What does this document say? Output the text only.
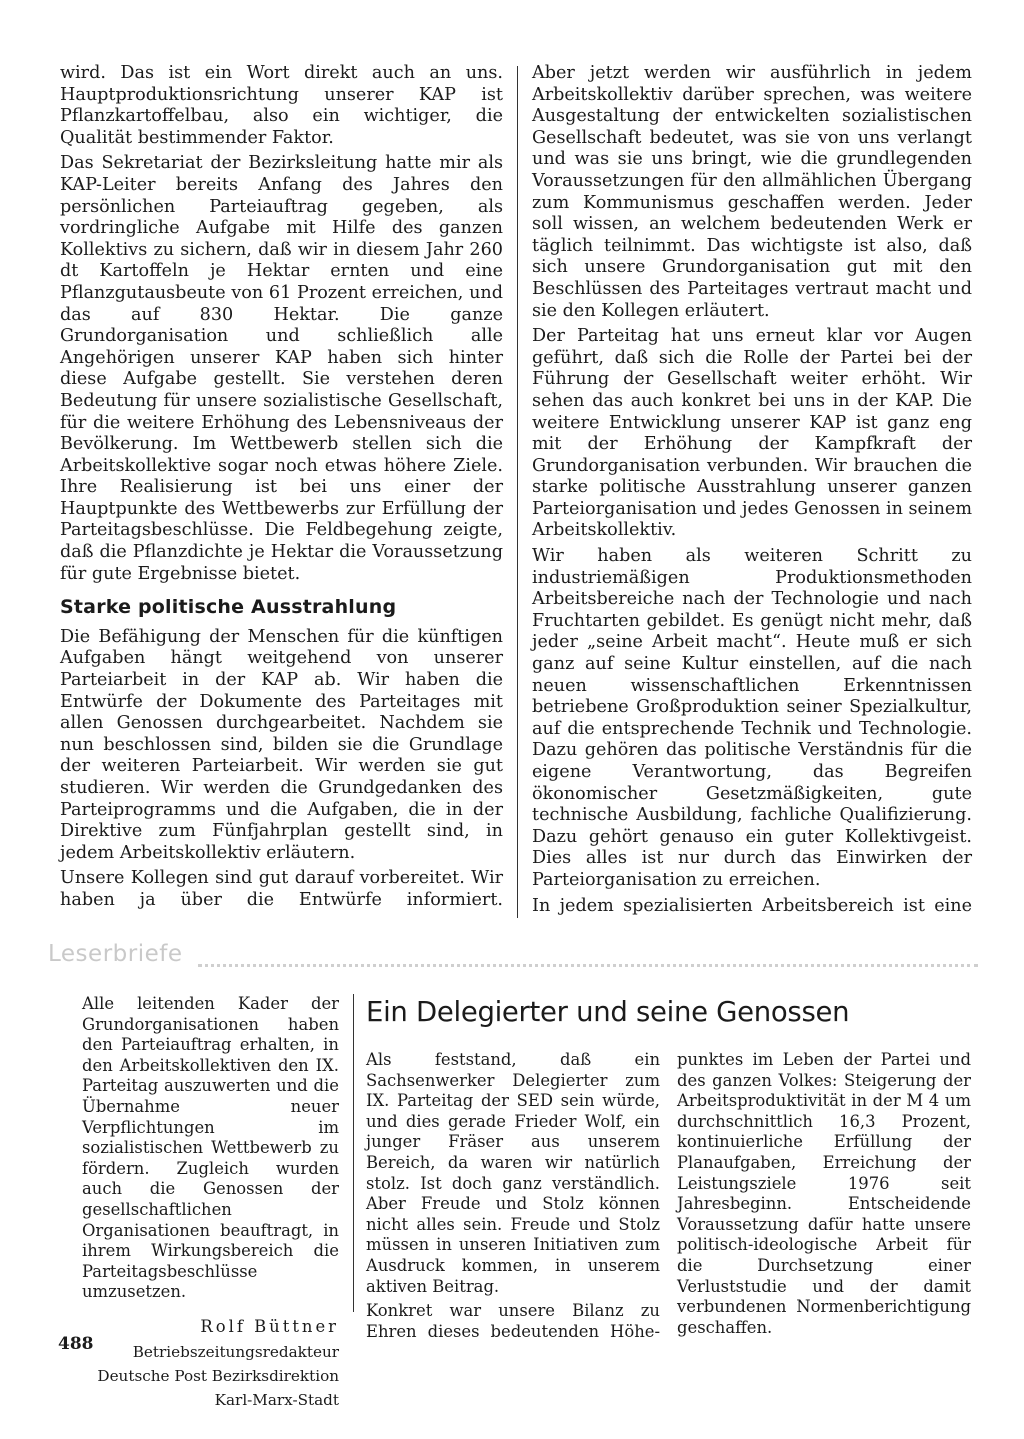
wird. Das ist ein Wort direkt auch an uns. Hauptproduktionsrichtung unserer KAP ist Pflanzkartoffelbau, also ein wichtiger, die Qualität bestimmender Faktor.

Das Sekretariat der Bezirksleitung hatte mir als KAP-Leiter bereits Anfang des Jahres den persönlichen Parteiauftrag gegeben, als vordringliche Aufgabe mit Hilfe des ganzen Kollektivs zu sichern, daß wir in diesem Jahr 260 dt Kartoffeln je Hektar ernten und eine Pflanzgutausbeute von 61 Prozent erreichen, und das auf 830 Hektar. Die ganze Grundorganisation und schließlich alle Angehörigen unserer KAP haben sich hinter diese Aufgabe gestellt. Sie verstehen deren Bedeutung für unsere sozialistische Gesellschaft, für die weitere Erhöhung des Lebensniveaus der Bevölkerung. Im Wettbewerb stellen sich die Arbeitskollektive sogar noch etwas höhere Ziele. Ihre Realisierung ist bei uns einer der Hauptpunkte des Wettbewerbs zur Erfüllung der Parteitagsbeschlüsse. Die Feldbegehung zeigte, daß die Pflanzdichte je Hektar die Voraussetzung für gute Ergebnisse bietet.

Starke politische Ausstrahlung

Die Befähigung der Menschen für die künftigen Aufgaben hängt weitgehend von unserer Parteiarbeit in der KAP ab. Wir haben die Entwürfe der Dokumente des Parteitages mit allen Genossen durchgearbeitet. Nachdem sie nun beschlossen sind, bilden sie die Grundlage der weiteren Parteiarbeit. Wir werden sie gut studieren. Wir werden die Grundgedanken des Parteiprogramms und die Aufgaben, die in der Direktive zum Fünfjahrplan gestellt sind, in jedem Arbeitskollektiv erläutern.

Unsere Kollegen sind gut darauf vorbereitet. Wir haben ja über die Entwürfe informiert.

Aber jetzt werden wir ausführlich in jedem Arbeitskollektiv darüber sprechen, was weitere Ausgestaltung der entwickelten sozialistischen Gesellschaft bedeutet, was sie von uns verlangt und was sie uns bringt, wie die grundlegenden Voraussetzungen für den allmählichen Übergang zum Kommunismus geschaffen werden. Jeder soll wissen, an welchem bedeutenden Werk er täglich teilnimmt. Das wichtigste ist also, daß sich unsere Grundorganisation gut mit den Beschlüssen des Parteitages vertraut macht und sie den Kollegen erläutert.

Der Parteitag hat uns erneut klar vor Augen geführt, daß sich die Rolle der Partei bei der Führung der Gesellschaft weiter erhöht. Wir sehen das auch konkret bei uns in der KAP. Die weitere Entwicklung unserer KAP ist ganz eng mit der Erhöhung der Kampfkraft der Grundorganisation verbunden. Wir brauchen die starke politische Ausstrahlung unserer ganzen Parteiorganisation und jedes Genossen in seinem Arbeitskollektiv.

Wir haben als weiteren Schritt zu industriemäßigen Produktionsmethoden Arbeitsbereiche nach der Technologie und nach Fruchtarten gebildet. Es genügt nicht mehr, daß jeder „seine Arbeit macht“. Heute muß er sich ganz auf seine Kultur einstellen, auf die nach neuen wissenschaftlichen Erkenntnissen betriebene Großproduktion seiner Spezialkultur, auf die entsprechende Technik und Technologie. Dazu gehören das politische Verständnis für die eigene Verantwortung, das Begreifen ökonomischer Gesetzmäßigkeiten, gute technische Ausbildung, fachliche Qualifizierung. Dazu gehört genauso ein guter Kollektivgeist. Dies alles ist nur durch das Einwirken der Parteiorganisation zu erreichen.

In jedem spezialisierten Arbeitsbereich ist eine

Leserbriefe

Alle leitenden Kader der Grundorganisationen haben den Parteiauftrag erhalten, in den Arbeitskollektiven den IX. Parteitag auszuwerten und die Übernahme neuer Verpflichtungen im sozialistischen Wettbewerb zu fördern. Zugleich wurden auch die Genossen der gesellschaftlichen Organisationen beauftragt, in ihrem Wirkungsbereich die Parteitagsbeschlüsse umzusetzen.

Rolf Büttner

Betriebszeitungsredakteur

Deutsche Post Bezirksdirektion

Karl-Marx-Stadt

Ein Delegierter und seine Genossen

Als feststand, daß ein Sachsenwerker Delegierter zum IX. Parteitag der SED sein würde, und dies gerade Frieder Wolf, ein junger Fräser aus unserem Bereich, da waren wir natürlich stolz. Ist doch ganz verständlich. Aber Freude und Stolz können nicht alles sein. Freude und Stolz müssen in unseren Initiativen zum Ausdruck kommen, in unserem aktiven Beitrag.

Konkret war unsere Bilanz zu Ehren dieses bedeutenden Höhe-

punktes im Leben der Partei und des ganzen Volkes: Steigerung der Arbeitsproduktivität in der M 4 um durchschnittlich 16,3 Prozent, kontinuierliche Erfüllung der Planaufgaben, Erreichung der Leistungsziele 1976 seit Jahresbeginn. Entscheidende Voraussetzung dafür hatte unsere politisch-ideologische Arbeit für die Durchsetzung einer Verluststudie und der damit verbundenen Normenberichtigung geschaffen.

488
